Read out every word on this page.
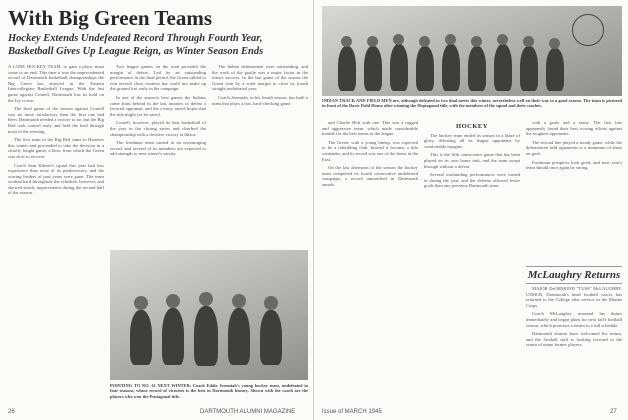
With Big Green Teams
Hockey Extends Undefeated Record Through Fourth Year, Basketball Gives Up League Reign, as Winter Season Ends

A LONE HOCKEY TEAM, to gain a place, must come to an end. This time it was the unprecedented record of Dartmouth basketball championships the Big Green has enjoyed in the Eastern Intercollegiate Basketball League. With the last game against Cornell, Dartmouth lost its hold on the Ivy crown.

The final game of the season against Cornell was no more satisfactory than the first one had been. Dartmouth needed a victory to tie, but the Big Red took control early and held the lead through most of the evening.

The first team of the Big Red came to Hanover this winter and proceeded to take the decision in a closely fought game, a blow from which the Green was slow to recover.

Coach Sam Kilmer's squad this year had less experience than most of its predecessors, and the scoring leaders of past years were gone. The team worked hard throughout the schedule, however, and showed steady improvement during the second half of the season.

Two league games on the road provided the margin of defeat. Led by an outstanding performance in the final period, the Green rallied to win several close contests but could not make up the ground lost early in the campaign.

In one of the season's best games the Indians came from behind in the last minutes to defeat a favored opponent, and the victory raised hopes that the title might yet be saved.

Cornell, however, played its best basketball of the year in the closing series and clinched the championship with a decisive victory at Ithaca.

The freshman team turned in an encouraging record, and several of its members are expected to add strength to next winter's varsity.

The Indian defensemen were outstanding, and the work of the goalie was a major factor in the team's success. In the last game of the season the Green won by a wide margin to close its fourth straight undefeated year.

Coach Jeremiah, in his fourth season, has built a team that plays a fast, hard-checking game.

POINTING TO NO. 41 NEXT WINTER: Coach Eddie Jeremiah's young hockey team, undefeated in four seasons, whose record of victories is the best in Dartmouth history. Shown with the coach are the players who won the Pentagonal title.
26	DARTMOUTH ALUMNI MAGAZINE
INDIAN TRACK AND FIELD MEN are, although defeated in two dual meets this winter, nevertheless well on their way to a good season. The team is pictured in front of the Davis Field House after winning the Heptagonal title, with the members of the squad and their coaches.

and Charlie Holt with one. This was a rugged and aggressive team, which made considerable trouble for the best teams in the league.

The Green, with a young lineup, was expected to be a rebuilding club. Instead it became a title contender, and its record was one of the finest in the East.

On the last afternoon of the season the hockey team completed its fourth consecutive undefeated campaign, a record unmatched in Dartmouth annals.

HOCKEY

The hockey team ended its season in a blaze of glory, defeating all its league opponents by comfortable margins.

This is the fifth consecutive game that has been played on its own home rink, and the team swept through without a defeat.

Several outstanding performances were turned in during the year, and the defense allowed fewer goals than any previous Dartmouth team.

with a goals and a assist. The first line apparently found their best scoring efforts against the toughest opponents.

The second line played a steady game, while the defensemen held opponents to a minimum of shots on goal.

Freshman prospects look good, and next year's team should once again be strong.

McLaughry Returns

MAJOR DeORMOND "TUSS" McLAUGHRY, USMCR, Dartmouth's head football coach, has returned to the College after service in the Marine Corps.

Coach McLaughry resumed his duties immediately and began plans for next fall's football season, which promises a return to a full schedule.

Dartmouth alumni have welcomed his return, and the football staff is looking forward to the return of many former players.

Issue of MARCH 1945	27
